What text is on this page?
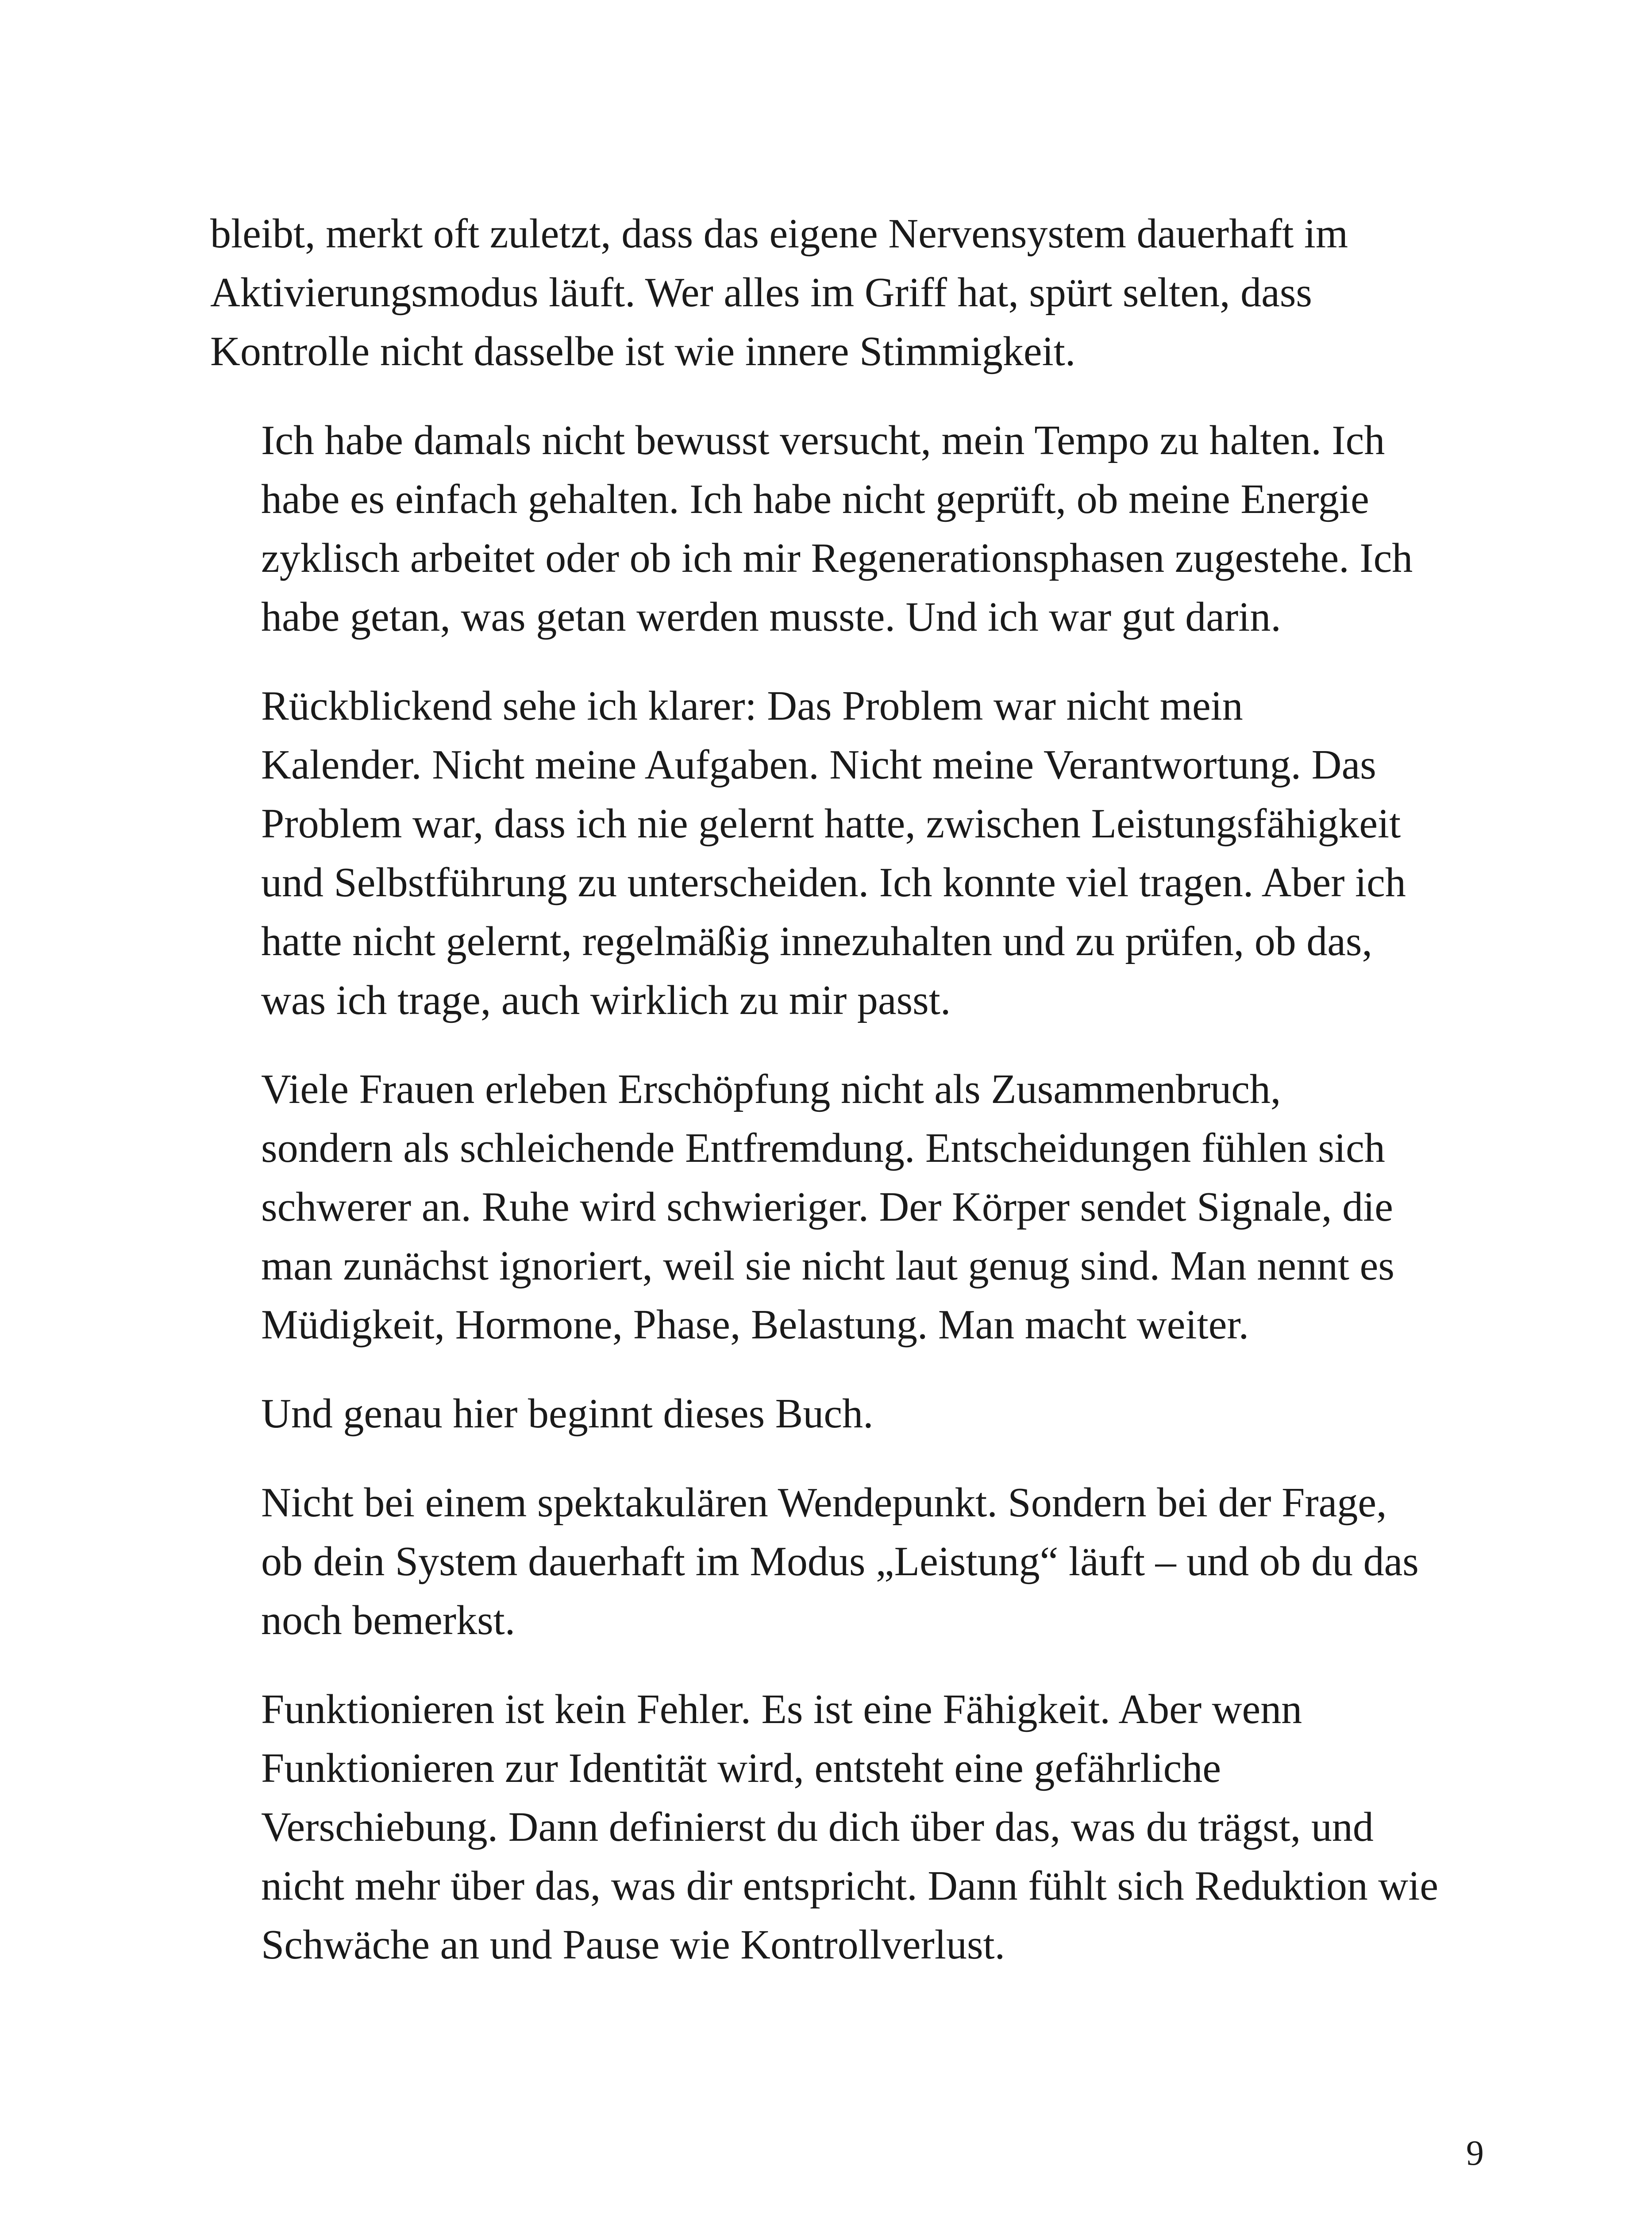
bleibt, merkt oft zuletzt, dass das eigene Nervensystem dauerhaft im
Aktivierungsmodus läuft. Wer alles im Griff hat, spürt selten, dass
Kontrolle nicht dasselbe ist wie innere Stimmigkeit.

Ich habe damals nicht bewusst versucht, mein Tempo zu halten. Ich
habe es einfach gehalten. Ich habe nicht geprüft, ob meine Energie
zyklisch arbeitet oder ob ich mir Regenerationsphasen zugestehe. Ich
habe getan, was getan werden musste. Und ich war gut darin.

Rückblickend sehe ich klarer: Das Problem war nicht mein
Kalender. Nicht meine Aufgaben. Nicht meine Verantwortung. Das
Problem war, dass ich nie gelernt hatte, zwischen Leistungsfähigkeit
und Selbstführung zu unterscheiden. Ich konnte viel tragen. Aber ich
hatte nicht gelernt, regelmäßig innezuhalten und zu prüfen, ob das,
was ich trage, auch wirklich zu mir passt.

Viele Frauen erleben Erschöpfung nicht als Zusammenbruch,
sondern als schleichende Entfremdung. Entscheidungen fühlen sich
schwerer an. Ruhe wird schwieriger. Der Körper sendet Signale, die
man zunächst ignoriert, weil sie nicht laut genug sind. Man nennt es
Müdigkeit, Hormone, Phase, Belastung. Man macht weiter.

Und genau hier beginnt dieses Buch.

Nicht bei einem spektakulären Wendepunkt. Sondern bei der Frage,
ob dein System dauerhaft im Modus „Leistung“ läuft – und ob du das
noch bemerkst.

Funktionieren ist kein Fehler. Es ist eine Fähigkeit. Aber wenn
Funktionieren zur Identität wird, entsteht eine gefährliche
Verschiebung. Dann definierst du dich über das, was du trägst, und
nicht mehr über das, was dir entspricht. Dann fühlt sich Reduktion wie
Schwäche an und Pause wie Kontrollverlust.

9
